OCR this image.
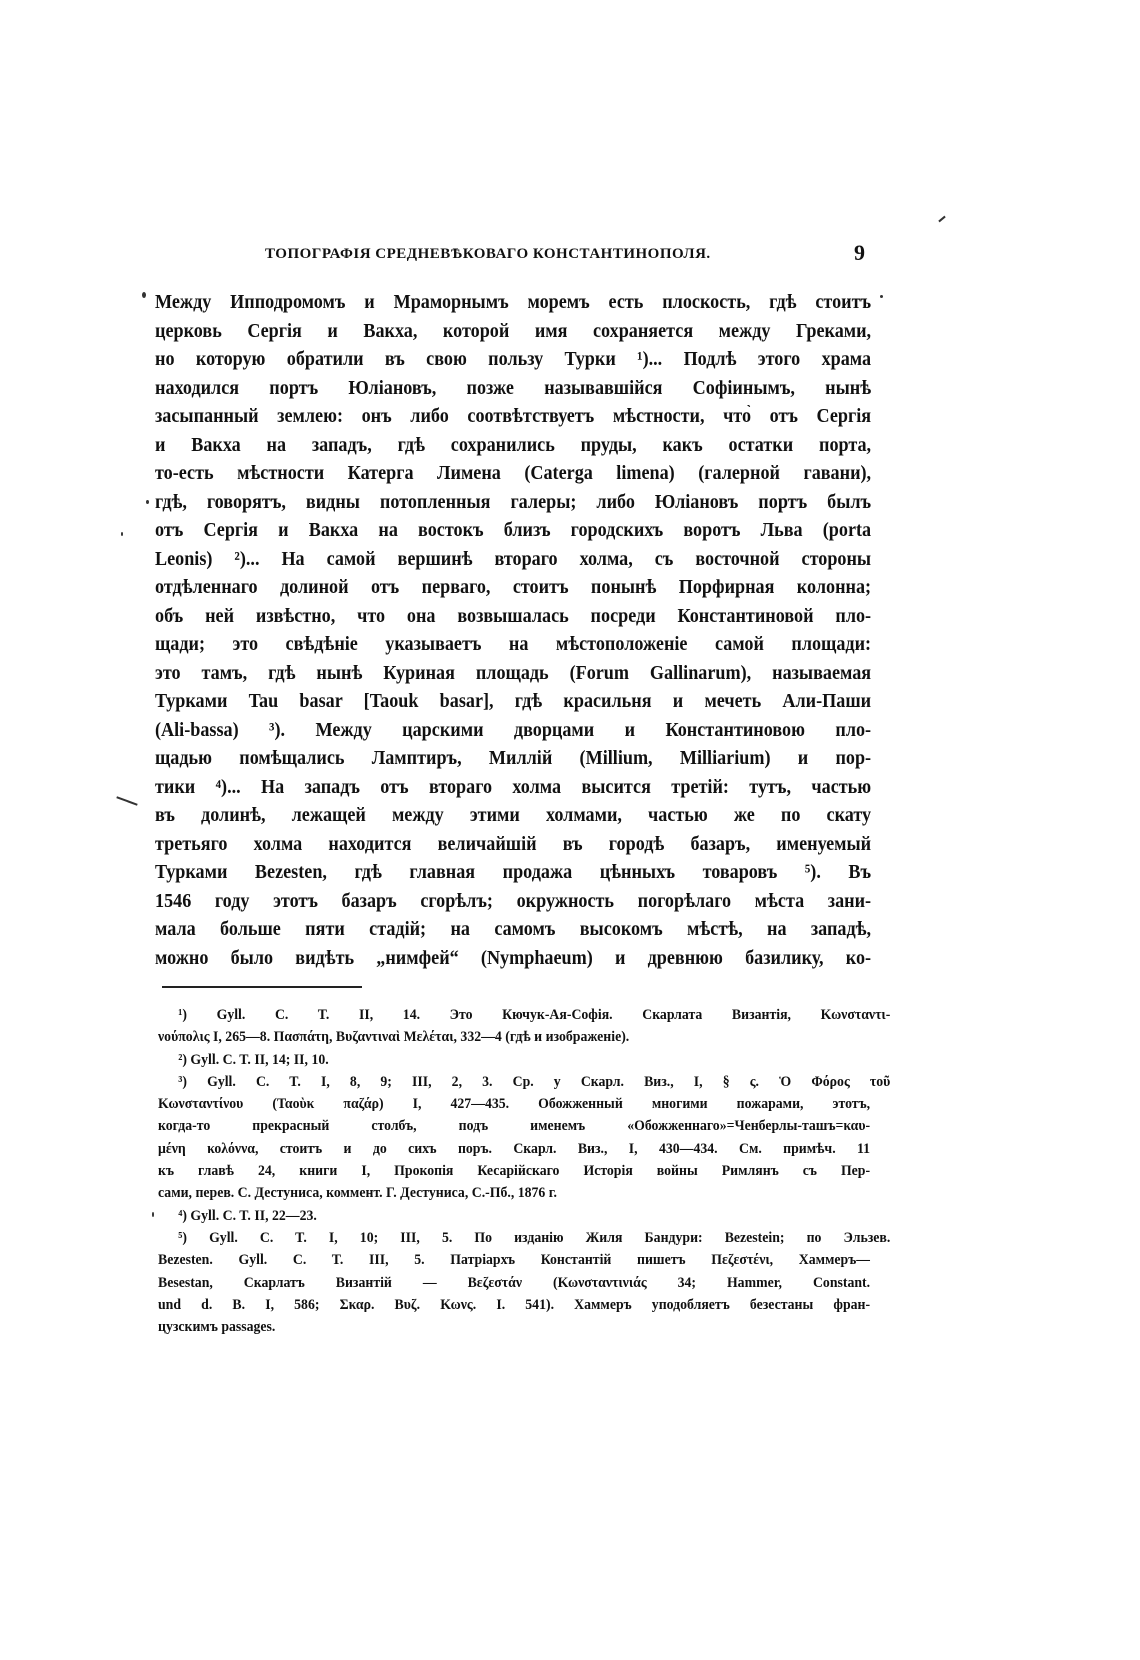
ТОПОГРАФІЯ СРЕДНЕВѢКОВАГО КОНСТАНТИНОПОЛЯ.	9
Между Ипподромомъ и Мраморнымъ моремъ есть плоскость, гдѣ стоитъ
церковь Сергія и Вакха, которой имя сохраняется между Греками,
но которую обратили въ свою пользу Турки ¹)... Подлѣ этого храма
находился портъ Юліановъ, позже называвшійся Софіинымъ, нынѣ
засыпанный землею: онъ либо соотвѣтствуетъ мѣстности, что̀ отъ Сергія
и Вакха на западъ, гдѣ сохранились пруды, какъ остатки порта,
то-есть мѣстности Катерга Лимена (Caterga limena) (галерной гавани),
гдѣ, говорятъ, видны потопленныя галеры; либо Юліановъ портъ былъ
отъ Сергія и Вакха на востокъ близъ городскихъ воротъ Льва (porta
Leonis) ²)... На самой вершинѣ втораго холма, съ восточной стороны
отдѣленнаго долиной отъ перваго, стоитъ понынѣ Порфирная колонна;
объ ней извѣстно, что она возвышалась посреди Константиновой пло-
щади; это свѣдѣніе указываетъ на мѣстоположеніе самой площади:
это тамъ, гдѣ нынѣ Куриная площадь (Forum Gallinarum), называемая
Турками Tau basar [Taouk basar], гдѣ красильня и мечеть Али-Паши
(Ali-bassa) ³). Между царскими дворцами и Константиновою пло-
щадью помѣщались Ламптиръ, Миллій (Millium, Milliarium) и пор-
тики ⁴)... На западъ отъ втораго холма высится третій: тутъ, частью
въ долинѣ, лежащей между этими холмами, частью же по скату
третьяго холма находится величайшій въ городѣ базаръ, именуемый
Турками Bezesten, гдѣ главная продажа цѣнныхъ товаровъ ⁵). Въ
1546 году этотъ базаръ сгорѣлъ; окружность погорѣлаго мѣста зани-
мала больше пяти стадій; на самомъ высокомъ мѣстѣ, на западѣ,
можно было видѣть „нимфей“ (Nymphaeum) и древнюю базилику, ко-
¹) Gyll. C. T. II, 14. Это Кючук-Ая-Софія. Скарлата Византія, Κωνσταντι-
νούπολις I, 265—8. Πασπάτη, Βυζαντιναὶ Μελέται, 332—4 (гдѣ и изображеніе).
²) Gyll. C. T. II, 14; II, 10.
³) Gyll. C. T. I, 8, 9; III, 2, 3. Ср. у Скарл. Виз., I, § ς. Ὁ Φόρος τοῦ
Κωνσταντίνου (Ταοὺκ παζάρ) I, 427—435. Обожженный многими пожарами, этотъ,
когда-то прекрасный столбъ, подъ именемъ «Обожженнаго»=Ченберлы-ташъ=καυ-
μένη κολόννα, стоитъ и до сихъ поръ. Скарл. Виз., I, 430—434. См. примѣч. 11
къ главѣ 24, книги I, Прокопія Кесарійскаго Исторія войны Римлянъ съ Пер-
сами, перев. С. Дестуниса, коммент. Г. Дестуниса, С.-Пб., 1876 г.
⁴) Gyll. C. T. II, 22—23.
⁵) Gyll. C. T. I, 10; III, 5. По изданію Жиля Бандури: Bezestein; по Эльзев.
Bezesten. Gyll. C. T. III, 5. Патріархъ Константій пишетъ Πεζεστένι, Хаммеръ—
Besestan, Скарлатъ Византій — Βεζεστάν (Κωνσταντινιάς 34; Hammer, Constant.
und d. B. I, 586; Σκαρ. Βυζ. Κωνς. I. 541). Хаммеръ уподобляетъ безестаны фран-
цузскимъ passages.
